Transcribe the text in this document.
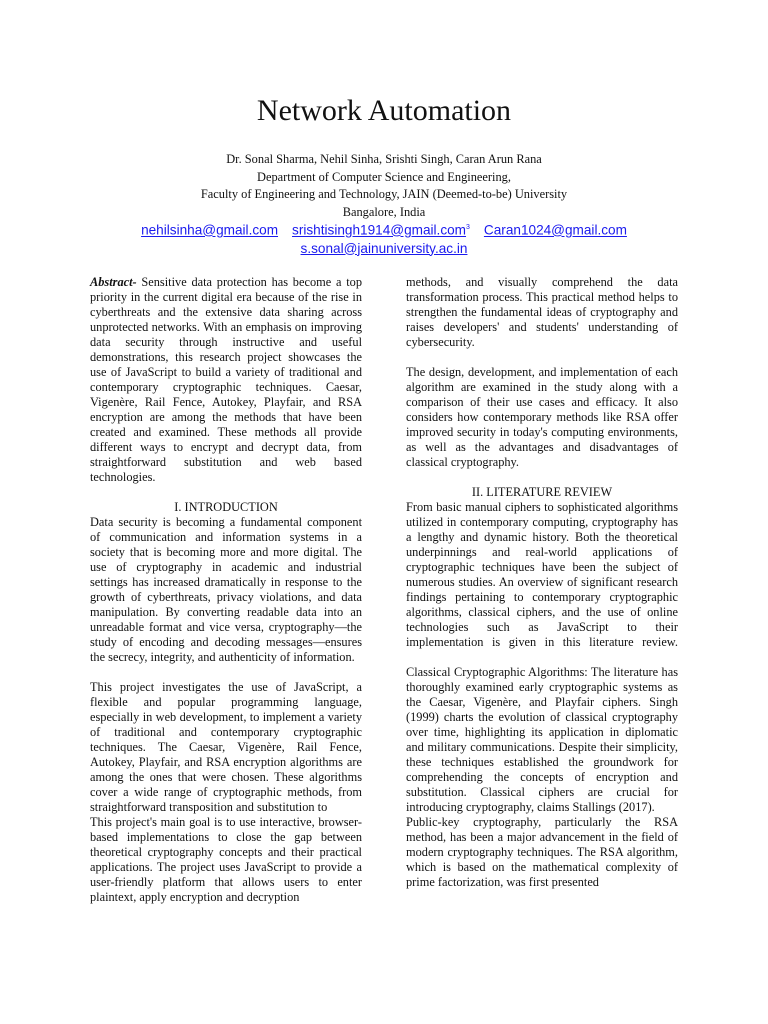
Network Automation
Dr. Sonal Sharma, Nehil Sinha, Srishti Singh, Caran Arun Rana
Department of Computer Science and Engineering,
Faculty of Engineering and Technology, JAIN (Deemed-to-be) University
Bangalore, India
nehilsinha@gmail.com srishtisingh1914@gmail.com$^3$ Caran1024@gmail.com
s.sonal@jainuniversity.ac.in

Abstract- Sensitive data protection has become a top priority in the current digital era because of the rise in cyberthreats and the extensive data sharing across unprotected networks. With an emphasis on improving data security through instructive and useful demonstrations, this research project showcases the use of JavaScript to build a variety of traditional and contemporary cryptographic techniques. Caesar, Vigenère, Rail Fence, Autokey, Playfair, and RSA encryption are among the methods that have been created and examined. These methods all provide different ways to encrypt and decrypt data, from straightforward substitution and web based technologies.

I. INTRODUCTION

Data security is becoming a fundamental component of communication and information systems in a society that is becoming more and more digital. The use of cryptography in academic and industrial settings has increased dramatically in response to the growth of cyberthreats, privacy violations, and data manipulation. By converting readable data into an unreadable format and vice versa, cryptography—the study of encoding and decoding messages—ensures the secrecy, integrity, and authenticity of information.

This project investigates the use of JavaScript, a flexible and popular programming language, especially in web development, to implement a variety of traditional and contemporary cryptographic techniques. The Caesar, Vigenère, Rail Fence, Autokey, Playfair, and RSA encryption algorithms are among the ones that were chosen. These algorithms cover a wide range of cryptographic methods, from straightforward transposition and substitution to

This project's main goal is to use interactive, browser-based implementations to close the gap between theoretical cryptography concepts and their practical applications. The project uses JavaScript to provide a user-friendly platform that allows users to enter plaintext, apply encryption and decryption

methods, and visually comprehend the data transformation process. This practical method helps to strengthen the fundamental ideas of cryptography and raises developers' and students' understanding of cybersecurity.

The design, development, and implementation of each algorithm are examined in the study along with a comparison of their use cases and efficacy. It also considers how contemporary methods like RSA offer improved security in today's computing environments, as well as the advantages and disadvantages of classical cryptography.

II. LITERATURE REVIEW

From basic manual ciphers to sophisticated algorithms utilized in contemporary computing, cryptography has a lengthy and dynamic history. Both the theoretical underpinnings and real-world applications of cryptographic techniques have been the subject of numerous studies. An overview of significant research findings pertaining to contemporary cryptographic algorithms, classical ciphers, and the use of online technologies such as JavaScript to their implementation is given in this literature review.

Classical Cryptographic Algorithms: The literature has thoroughly examined early cryptographic systems as the Caesar, Vigenère, and Playfair ciphers. Singh (1999) charts the evolution of classical cryptography over time, highlighting its application in diplomatic and military communications. Despite their simplicity, these techniques established the groundwork for comprehending the concepts of encryption and substitution. Classical ciphers are crucial for introducing cryptography, claims Stallings (2017).

Public-key cryptography, particularly the RSA method, has been a major advancement in the field of modern cryptography techniques. The RSA algorithm, which is based on the mathematical complexity of prime factorization, was first presented
